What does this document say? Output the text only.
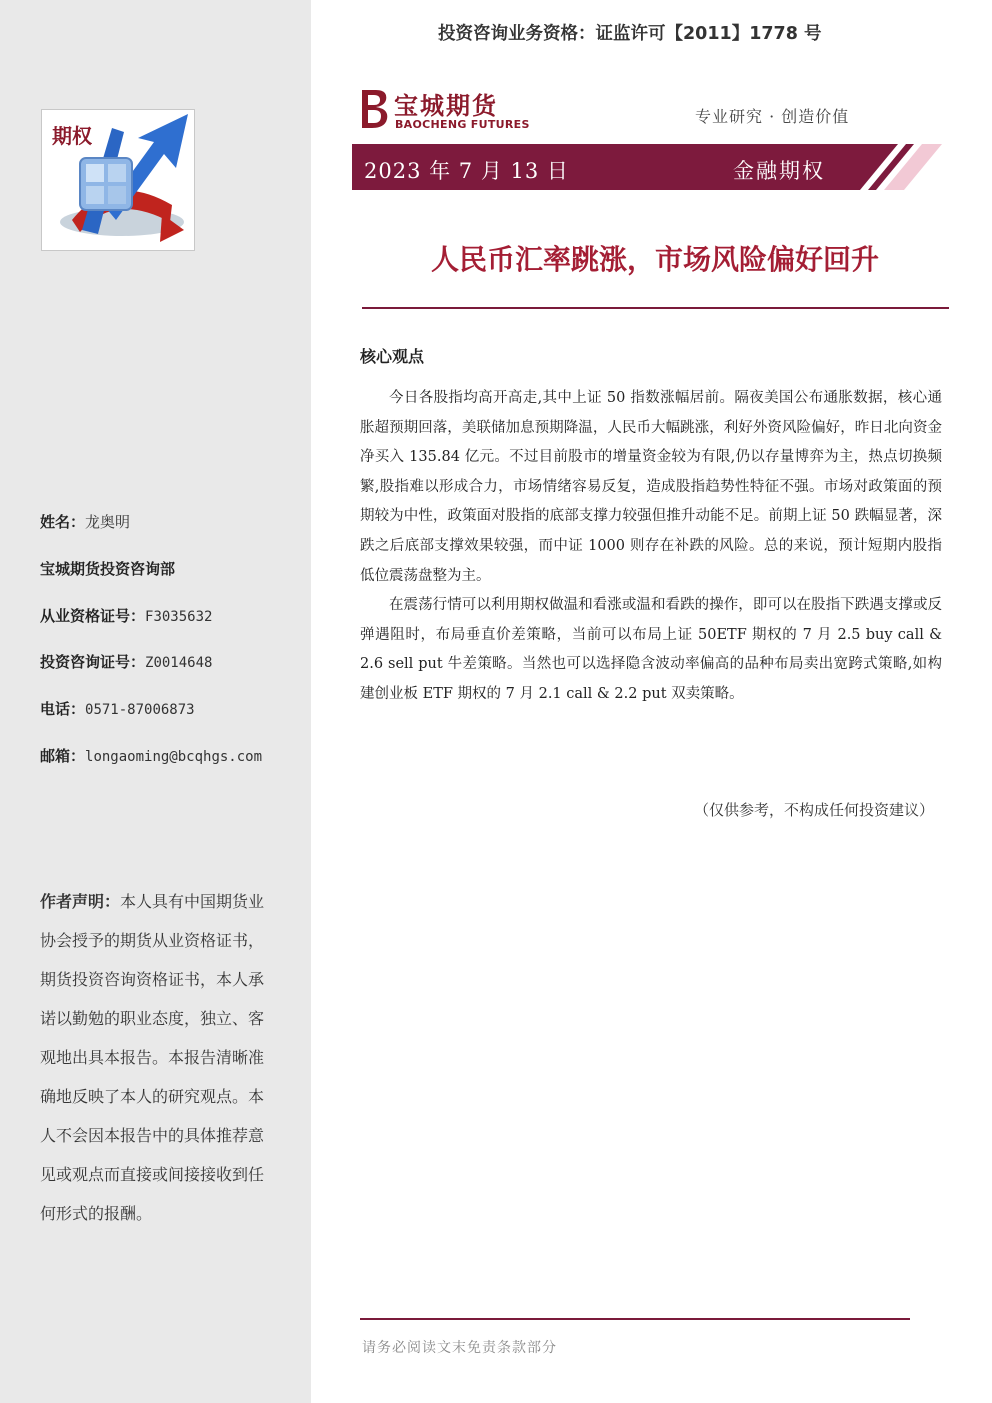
期权
姓名：龙奥明
宝城期货投资咨询部
从业资格证号：F3035632
投资咨询证号：Z0014648
电话：0571-87006873
邮箱：longaoming@bcqhgs.com
作者声明：本人具有中国期货业协会授予的期货从业资格证书，期货投资咨询资格证书，本人承诺以勤勉的职业态度，独立、客观地出具本报告。本报告清晰准确地反映了本人的研究观点。本人不会因本报告中的具体推荐意见或观点而直接或间接接收到任何形式的报酬。
投资咨询业务资格：证监许可【2011】1778 号
宝城期货
BAOCHENG FUTURES	专业研究 · 创造价值
2023 年 7 月 13 日	金融期权
人民币汇率跳涨，市场风险偏好回升
核心观点

今日各股指均高开高走,其中上证 50 指数涨幅居前。隔夜美国公布通胀数据，核心通胀超预期回落，美联储加息预期降温，人民币大幅跳涨，利好外资风险偏好，昨日北向资金净买入 135.84 亿元。不过目前股市的增量资金较为有限,仍以存量博弈为主，热点切换频繁,股指难以形成合力，市场情绪容易反复，造成股指趋势性特征不强。市场对政策面的预期较为中性，政策面对股指的底部支撑力较强但推升动能不足。前期上证 50 跌幅显著，深跌之后底部支撑效果较强，而中证 1000 则存在补跌的风险。总的来说，预计短期内股指低位震荡盘整为主。

在震荡行情可以利用期权做温和看涨或温和看跌的操作，即可以在股指下跌遇支撑或反弹遇阻时，布局垂直价差策略，当前可以布局上证 50ETF 期权的 7 月 2.5 buy call & 2.6 sell put 牛差策略。当然也可以选择隐含波动率偏高的品种布局卖出宽跨式策略,如构建创业板 ETF 期权的 7 月 2.1 call & 2.2 put 双卖策略。

（仅供参考，不构成任何投资建议）
请务必阅读文末免责条款部分
